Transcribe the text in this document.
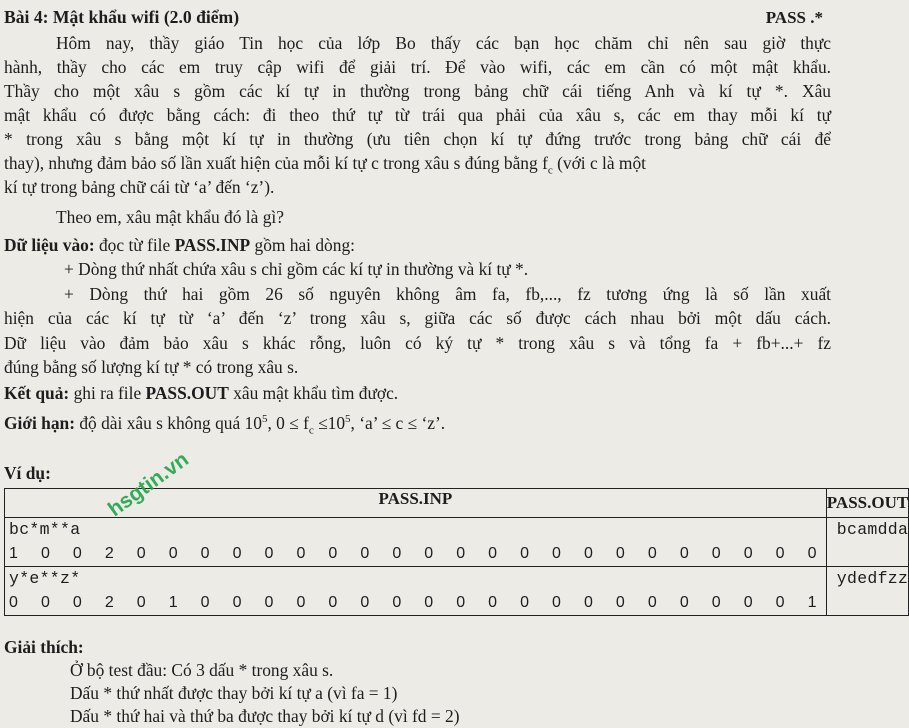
Bài 4: Mật khẩu wifi (2.0 điểm)	PASS .*
Hôm nay, thầy giáo Tin học của lớp Bo thấy các bạn học chăm chỉ nên sau giờ thực
hành, thầy cho các em truy cập wifi để giải trí. Để vào wifi, các em cần có một mật khẩu.
Thầy cho một xâu s gồm các kí tự in thường trong bảng chữ cái tiếng Anh và kí tự *. Xâu
mật khẩu có được bằng cách: đi theo thứ tự từ trái qua phải của xâu s, các em thay mỗi kí tự
* trong xâu s bằng một kí tự in thường (ưu tiên chọn kí tự đứng trước trong bảng chữ cái để
thay), nhưng đảm bảo số lần xuất hiện của mỗi kí tự c trong xâu s đúng bằng $f_c$ (với c là một
kí tự trong bảng chữ cái từ ‘a’ đến ‘z’).
Theo em, xâu mật khẩu đó là gì?
Dữ liệu vào: đọc từ file PASS.INP gồm hai dòng:
+ Dòng thứ nhất chứa xâu s chỉ gồm các kí tự in thường và kí tự *.
+ Dòng thứ hai gồm 26 số nguyên không âm fa, fb,..., fz tương ứng là số lần xuất
hiện của các kí tự từ ‘a’ đến ‘z’ trong xâu s, giữa các số được cách nhau bởi một dấu cách.
Dữ liệu vào đảm bảo xâu s khác rỗng, luôn có ký tự * trong xâu s và tổng fa + fb+...+ fz
đúng bằng số lượng kí tự * có trong xâu s.
Kết quả: ghi ra file PASS.OUT xâu mật khẩu tìm được.
Giới hạn: độ dài xâu s không quá $10^5$, $0 \le f_c \le 10^5$, ‘a’ ≤ c ≤ ‘z’.
Ví dụ:
PASS.INP	PASS.OUT

bc*m**a
1 0 0 2 0 0 0 0 0 0 0 0 0 0 0 0 0 0 0 0 0 0 0 0 0 0	bcamdda

y*e**z*
0 0 0 2 0 1 0 0 0 0 0 0 0 0 0 0 0 0 0 0 0 0 0 0 0 1	ydedfzz
hsgtin.vn
Giải thích:
Ở bộ test đầu: Có 3 dấu * trong xâu s.
Dấu * thứ nhất được thay bởi kí tự a (vì fa = 1)
Dấu * thứ hai và thứ ba được thay bởi kí tự d (vì fd = 2)
